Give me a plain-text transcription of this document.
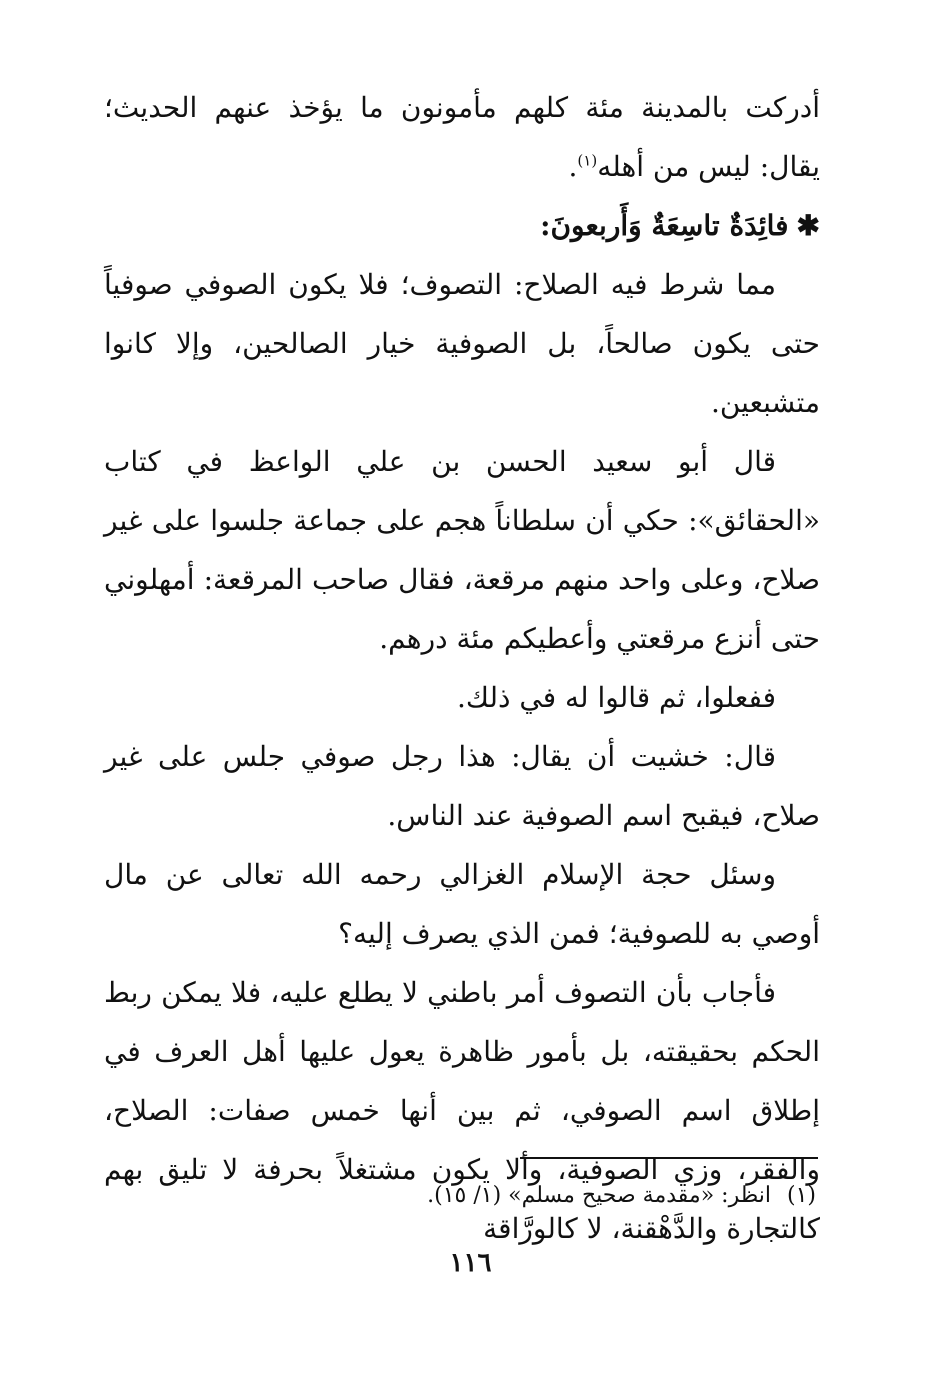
أدركت بالمدينة مئة كلهم مأمونون ما يؤخذ عنهم الحديث؛ يقال: ليس من أهله$^{(١)}$.

✱فائِدَةٌ تاسِعَةٌ وَأَربعونَ:

مما شرط فيه الصلاح: التصوف؛ فلا يكون الصوفي صوفياً حتى يكون صالحاً، بل الصوفية خيار الصالحين، وإلا كانوا متشبعين.

قال أبو سعيد الحسن بن علي الواعظ في كتاب «الحقائق»: حكي أن سلطاناً هجم على جماعة جلسوا على غير صلاح، وعلى واحد منهم مرقعة، فقال صاحب المرقعة: أمهلوني حتى أنزع مرقعتي وأعطيكم مئة درهم.

ففعلوا، ثم قالوا له في ذلك.

قال: خشيت أن يقال: هذا رجل صوفي جلس على غير صلاح، فيقبح اسم الصوفية عند الناس.

وسئل حجة الإسلام الغزالي رحمه الله تعالى عن مال أوصي به للصوفية؛ فمن الذي يصرف إليه؟

فأجاب بأن التصوف أمر باطني لا يطلع عليه، فلا يمكن ربط الحكم بحقيقته، بل بأمور ظاهرة يعول عليها أهل العرف في إطلاق اسم الصوفي، ثم بين أنها خمس صفات: الصلاح، والفقر، وزي الصوفية، وألا يكون مشتغلاً بحرفة لا تليق بهم كالتجارة والدَّهْقنة، لا كالورَّاقة

(١)انظر: «مقدمة صحيح مسلم» (١/ ١٥).
١١٦
